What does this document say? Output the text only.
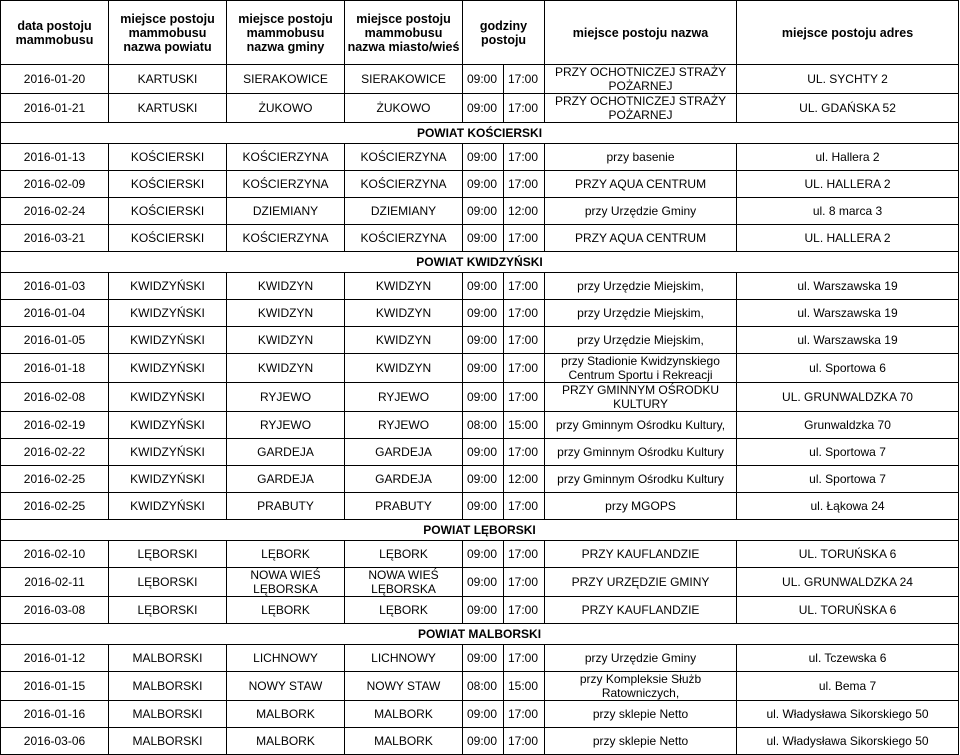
data postoju mammobusu	miejsce postoju mammobusu nazwa powiatu	miejsce postoju mammobusu nazwa gminy	miejsce postoju mammobusu nazwa miasto/wieś	godziny postoju		miejsce postoju nazwa	miejsce postoju adres
2016-01-20	KARTUSKI	SIERAKOWICE	SIERAKOWICE	09:00	17:00	PRZY OCHOTNICZEJ STRAŻY POŻARNEJ	UL. SYCHTY 2
2016-01-21	KARTUSKI	ŻUKOWO	ŻUKOWO	09:00	17:00	PRZY OCHOTNICZEJ STRAŻY POŻARNEJ	UL. GDAŃSKA 52
POWIAT KOŚCIERSKI							
2016-01-13	KOŚCIERSKI	KOŚCIERZYNA	KOŚCIERZYNA	09:00	17:00	przy basenie	ul. Hallera 2
2016-02-09	KOŚCIERSKI	KOŚCIERZYNA	KOŚCIERZYNA	09:00	17:00	PRZY AQUA CENTRUM	UL. HALLERA 2
2016-02-24	KOŚCIERSKI	DZIEMIANY	DZIEMIANY	09:00	12:00	przy Urzędzie Gminy	ul. 8 marca 3
2016-03-21	KOŚCIERSKI	KOŚCIERZYNA	KOŚCIERZYNA	09:00	17:00	PRZY AQUA CENTRUM	UL. HALLERA 2
POWIAT KWIDZYŃSKI							
2016-01-03	KWIDZYŃSKI	KWIDZYN	KWIDZYN	09:00	17:00	przy Urzędzie Miejskim,	ul. Warszawska 19
2016-01-04	KWIDZYŃSKI	KWIDZYN	KWIDZYN	09:00	17:00	przy Urzędzie Miejskim,	ul. Warszawska 19
2016-01-05	KWIDZYŃSKI	KWIDZYN	KWIDZYN	09:00	17:00	przy Urzędzie Miejskim,	ul. Warszawska 19
2016-01-18	KWIDZYŃSKI	KWIDZYN	KWIDZYN	09:00	17:00	przy Stadionie Kwidzynskiego Centrum Sportu i Rekreacji	ul. Sportowa 6
2016-02-08	KWIDZYŃSKI	RYJEWO	RYJEWO	09:00	17:00	PRZY GMINNYM OŚRODKU KULTURY	UL. GRUNWALDZKA 70
2016-02-19	KWIDZYŃSKI	RYJEWO	RYJEWO	08:00	15:00	przy Gminnym Ośrodku Kultury,	Grunwaldzka 70
2016-02-22	KWIDZYŃSKI	GARDEJA	GARDEJA	09:00	17:00	przy Gminnym Ośrodku Kultury	ul. Sportowa 7
2016-02-25	KWIDZYŃSKI	GARDEJA	GARDEJA	09:00	12:00	przy Gminnym Ośrodku Kultury	ul. Sportowa 7
2016-02-25	KWIDZYŃSKI	PRABUTY	PRABUTY	09:00	17:00	przy MGOPS	ul. Łąkowa 24
POWIAT LĘBORSKI							
2016-02-10	LĘBORSKI	LĘBORK	LĘBORK	09:00	17:00	PRZY KAUFLANDZIE	UL. TORUŃSKA 6
2016-02-11	LĘBORSKI	NOWA WIEŚ LĘBORSKA	NOWA WIEŚ LĘBORSKA	09:00	17:00	PRZY URZĘDZIE GMINY	UL. GRUNWALDZKA 24
2016-03-08	LĘBORSKI	LĘBORK	LĘBORK	09:00	17:00	PRZY KAUFLANDZIE	UL. TORUŃSKA 6
POWIAT MALBORSKI							
2016-01-12	MALBORSKI	LICHNOWY	LICHNOWY	09:00	17:00	przy Urzędzie Gminy	ul. Tczewska 6
2016-01-15	MALBORSKI	NOWY STAW	NOWY STAW	08:00	15:00	przy Kompleksie Służb Ratowniczych,	ul. Bema 7
2016-01-16	MALBORSKI	MALBORK	MALBORK	09:00	17:00	przy sklepie Netto	ul. Władysława Sikorskiego 50
2016-03-06	MALBORSKI	MALBORK	MALBORK	09:00	17:00	przy sklepie Netto	ul. Władysława Sikorskiego 50
